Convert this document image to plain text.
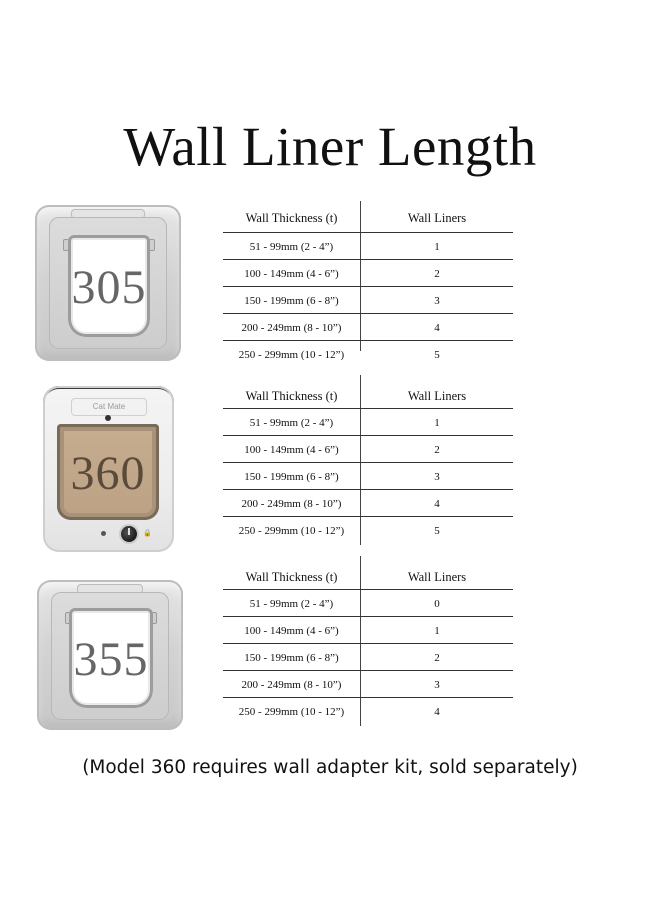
Wall Liner Length
305
Cat Mate
360
🔒
355
Wall Thickness (t)	Wall Liners
51 - 99mm (2 - 4”)	1
100 - 149mm (4 - 6”)	2
150 - 199mm (6 - 8”)	3
200 - 249mm (8 - 10”)	4
250 - 299mm (10 - 12”)	5
Wall Thickness (t)	Wall Liners
51 - 99mm (2 - 4”)	1
100 - 149mm (4 - 6”)	2
150 - 199mm (6 - 8”)	3
200 - 249mm (8 - 10”)	4
250 - 299mm (10 - 12”)	5
Wall Thickness (t)	Wall Liners
51 - 99mm (2 - 4”)	0
100 - 149mm (4 - 6”)	1
150 - 199mm (6 - 8”)	2
200 - 249mm (8 - 10”)	3
250 - 299mm (10 - 12”)	4
(Model 360 requires wall adapter kit, sold separately)
